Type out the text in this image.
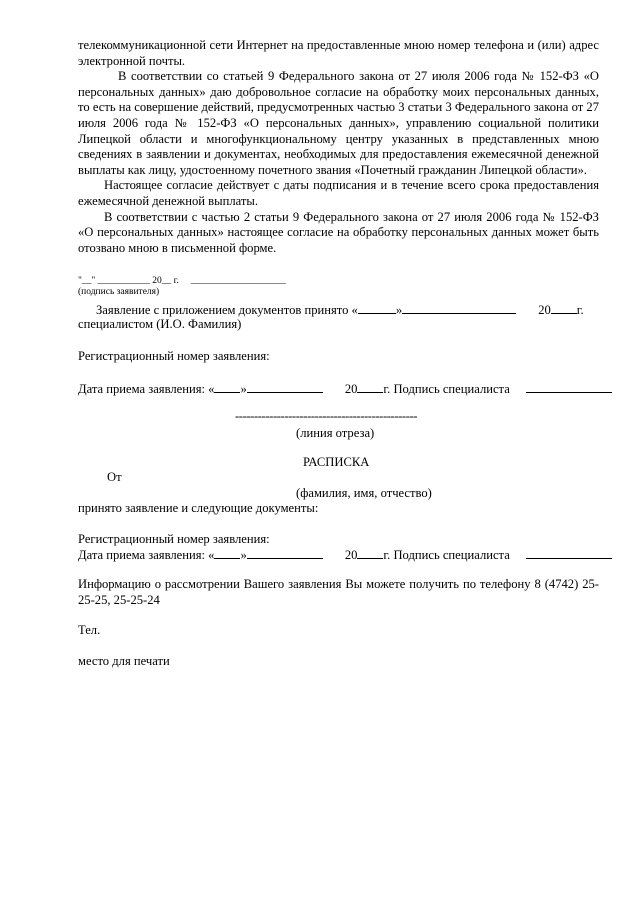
телекоммуникационной сети Интернет на предоставленные мною номер телефона и (или) адрес электронной почты.

В соответствии со статьей 9 Федерального закона от 27 июля 2006 года № 152-ФЗ «О персональных данных» даю добровольное согласие на обработку моих персональных данных, то есть на совершение действий, предусмотренных частью 3 статьи 3 Федерального закона от 27 июля 2006 года № 152-ФЗ «О персональных данных», управлению социальной политики Липецкой области и многофункциональному центру указанных в представленных мною сведениях в заявлении и документах, необходимых для предоставления ежемесячной денежной выплаты как лицу, удостоенному почетного звания «Почетный гражданин Липецкой области».

Настоящее согласие действует с даты подписания и в течение всего срока предоставления ежемесячной денежной выплаты.

В соответствии с частью 2 статьи 9 Федерального закона от 27 июля 2006 года № 152-ФЗ «О персональных данных» настоящее согласие на обработку персональных данных может быть отозвано мною в письменной форме.

"__" ___________ 20__ г. ____________________
(подпись заявителя)
Заявление с приложением документов принято «	»	20 г.
специалистом (И.О. Фамилия)
Регистрационный номер заявления:
Дата приема заявления: « »	20 г. Подпись специалиста
------------------------------------------------
(линия отреза)
РАСПИСКА
От
(фамилия, имя, отчество)
принято заявление и следующие документы:
Регистрационный номер заявления:
Дата приема заявления: « »	20 г. Подпись специалиста
Информацию о рассмотрении Вашего заявления Вы можете получить по телефону 8 (4742) 25-25-25, 25-25-24
Тел.
место для печати
